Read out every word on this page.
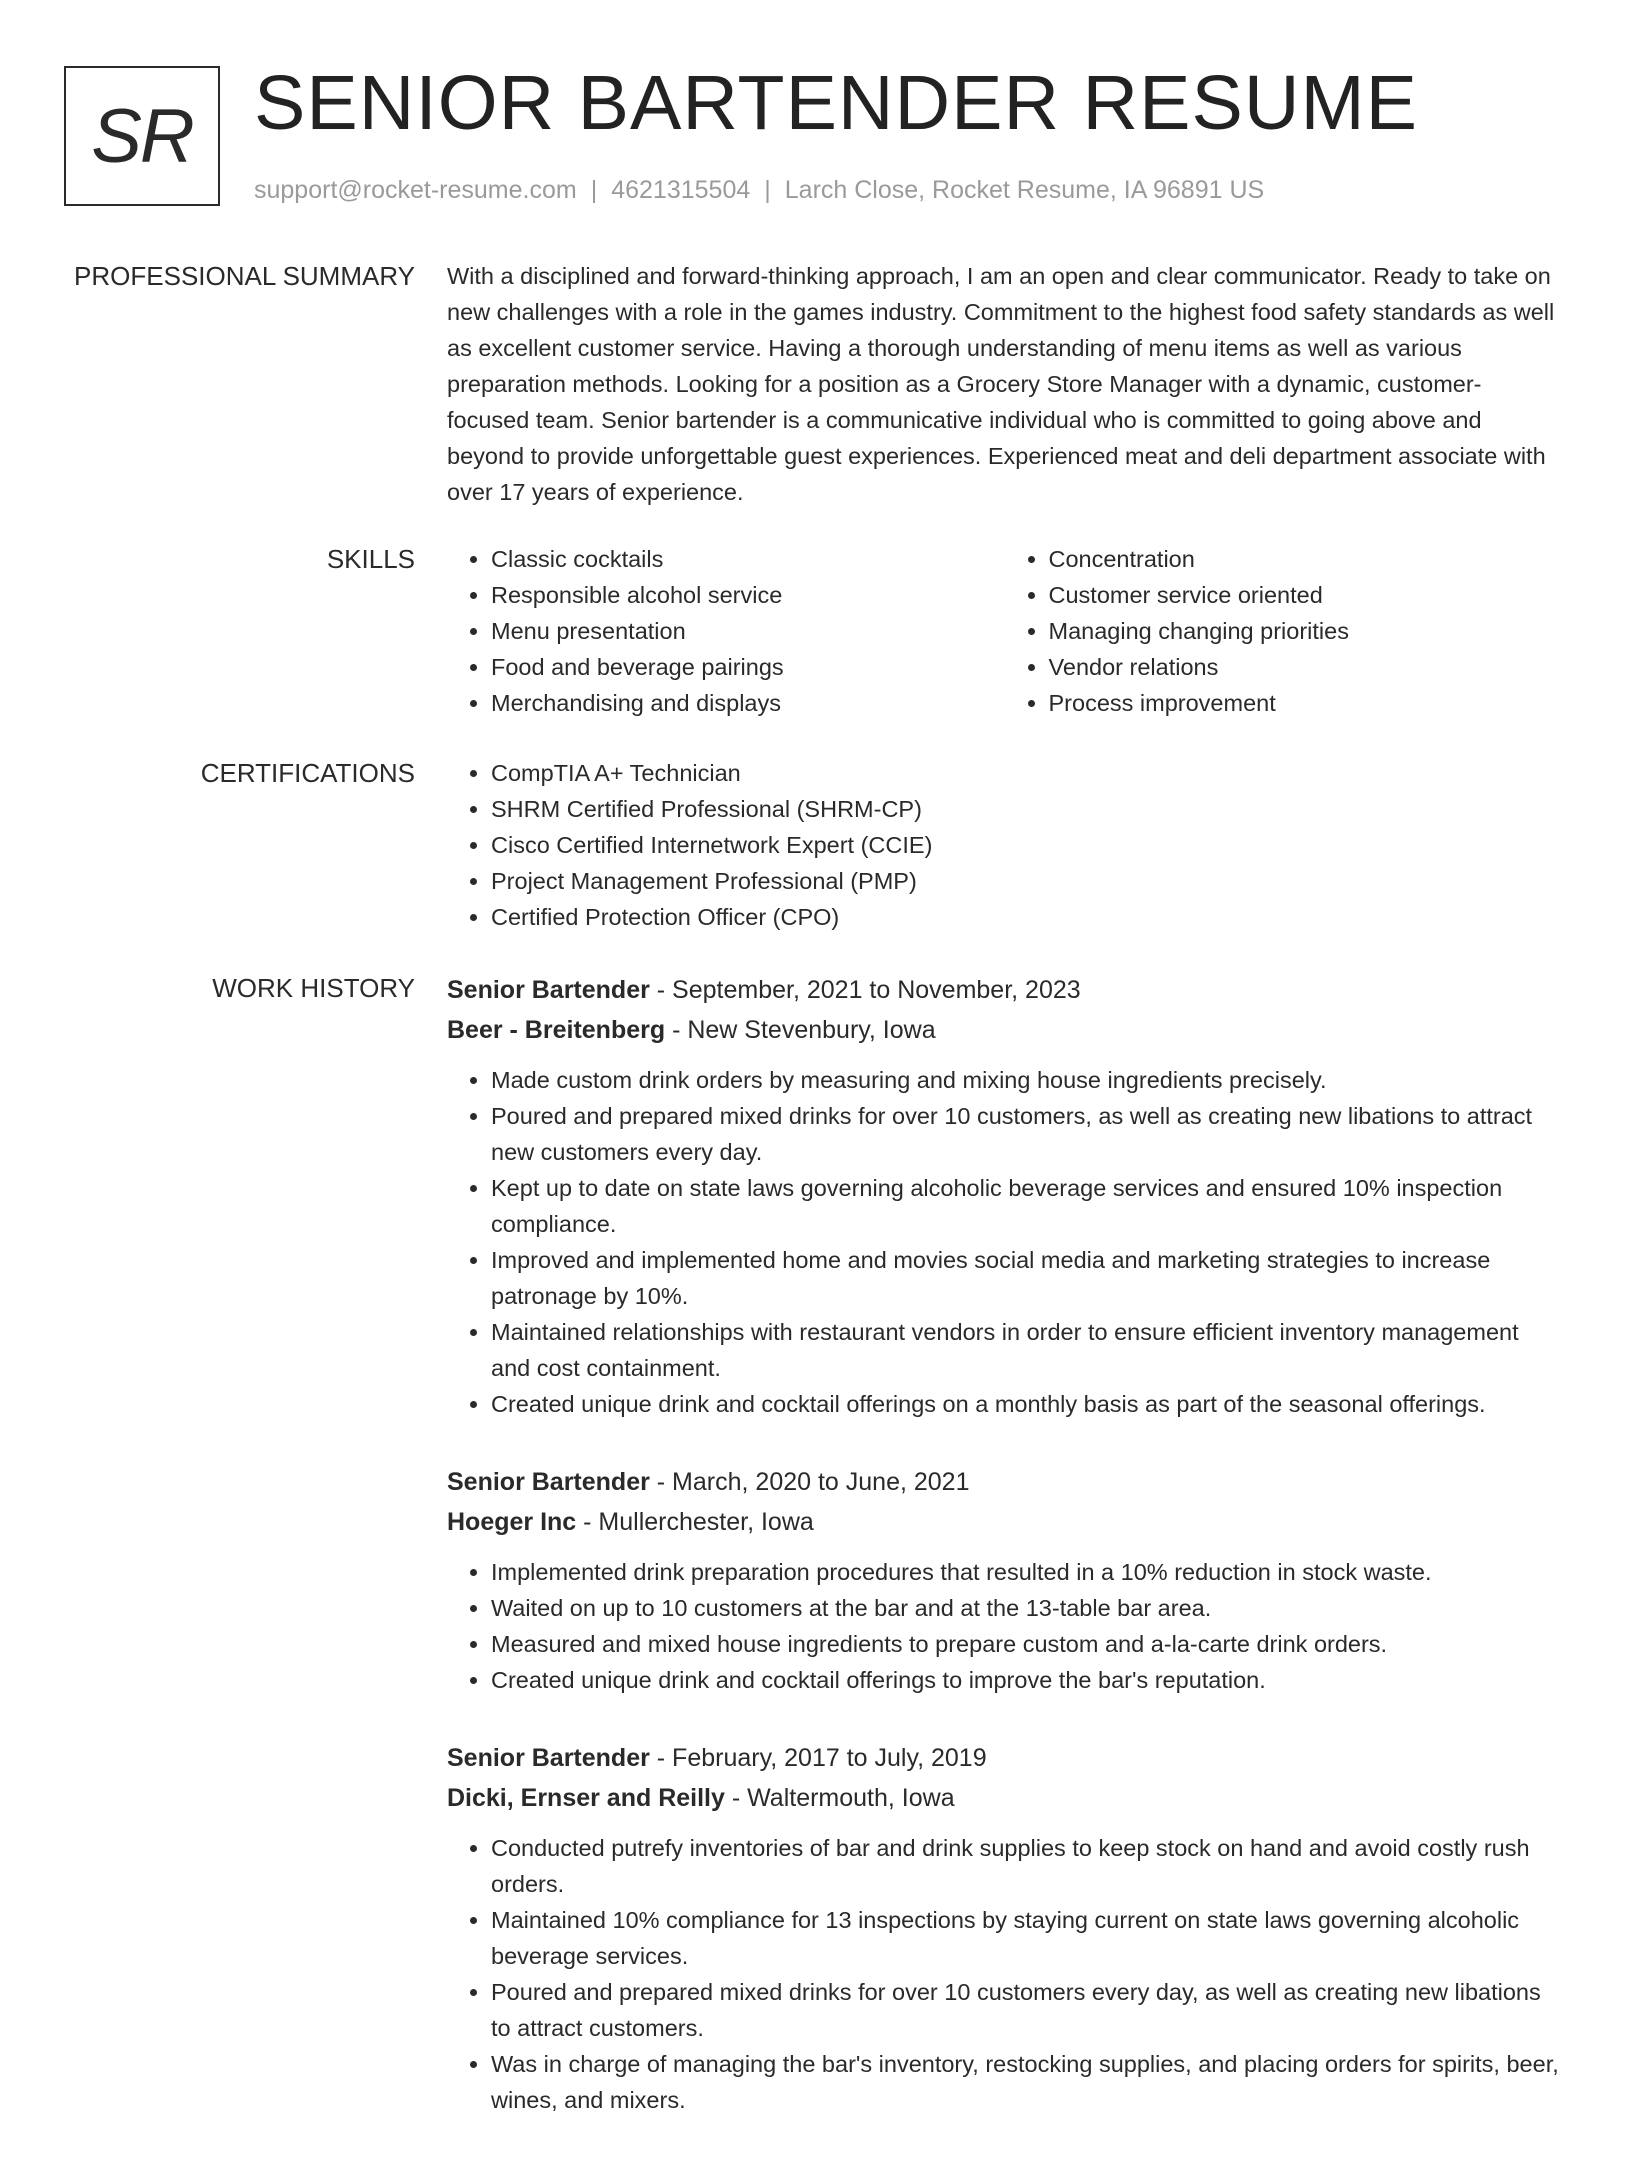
SR SENIOR BARTENDER RESUME
support@rocket-resume.com | 4621315504 | Larch Close, Rocket Resume, IA 96891 US
PROFESSIONAL SUMMARY With a disciplined and forward-thinking approach, I am an open and clear communicator. Ready to take on new challenges with a role in the games industry. Commitment to the highest food safety standards as well as excellent customer service. Having a thorough understanding of menu items as well as various preparation methods. Looking for a position as a Grocery Store Manager with a dynamic, customer-focused team. Senior bartender is a communicative individual who is committed to going above and beyond to provide unforgettable guest experiences. Experienced meat and deli department associate with over 17 years of experience.

SKILLS	• Classic cocktails
• Responsible alcohol service
• Menu presentation
• Food and beverage pairings
• Merchandising and displays
• Concentration
• Customer service oriented
• Managing changing priorities
• Vendor relations
• Process improvement
CERTIFICATIONS	• CompTIA A+ Technician
• SHRM Certified Professional (SHRM-CP)
• Cisco Certified Internetwork Expert (CCIE)
• Project Management Professional (PMP)
• Certified Protection Officer (CPO)
WORK HISTORY Senior Bartender - September, 2021 to November, 2023
Beer - Breitenberg - New Stevenbury, Iowa
• Made custom drink orders by measuring and mixing house ingredients precisely.
• Poured and prepared mixed drinks for over 10 customers, as well as creating new libations to attract new customers every day.
• Kept up to date on state laws governing alcoholic beverage services and ensured 10% inspection compliance.
• Improved and implemented home and movies social media and marketing strategies to increase patronage by 10%.
• Maintained relationships with restaurant vendors in order to ensure efficient inventory management and cost containment.
• Created unique drink and cocktail offerings on a monthly basis as part of the seasonal offerings.
Senior Bartender - March, 2020 to June, 2021
Hoeger Inc - Mullerchester, Iowa
• Implemented drink preparation procedures that resulted in a 10% reduction in stock waste.
• Waited on up to 10 customers at the bar and at the 13-table bar area.
• Measured and mixed house ingredients to prepare custom and a-la-carte drink orders.
• Created unique drink and cocktail offerings to improve the bar's reputation.
Senior Bartender - February, 2017 to July, 2019
Dicki, Ernser and Reilly - Waltermouth, Iowa
• Conducted putrefy inventories of bar and drink supplies to keep stock on hand and avoid costly rush orders.
• Maintained 10% compliance for 13 inspections by staying current on state laws governing alcoholic beverage services.
• Poured and prepared mixed drinks for over 10 customers every day, as well as creating new libations to attract customers.
• Was in charge of managing the bar's inventory, restocking supplies, and placing orders for spirits, beer, wines, and mixers.
